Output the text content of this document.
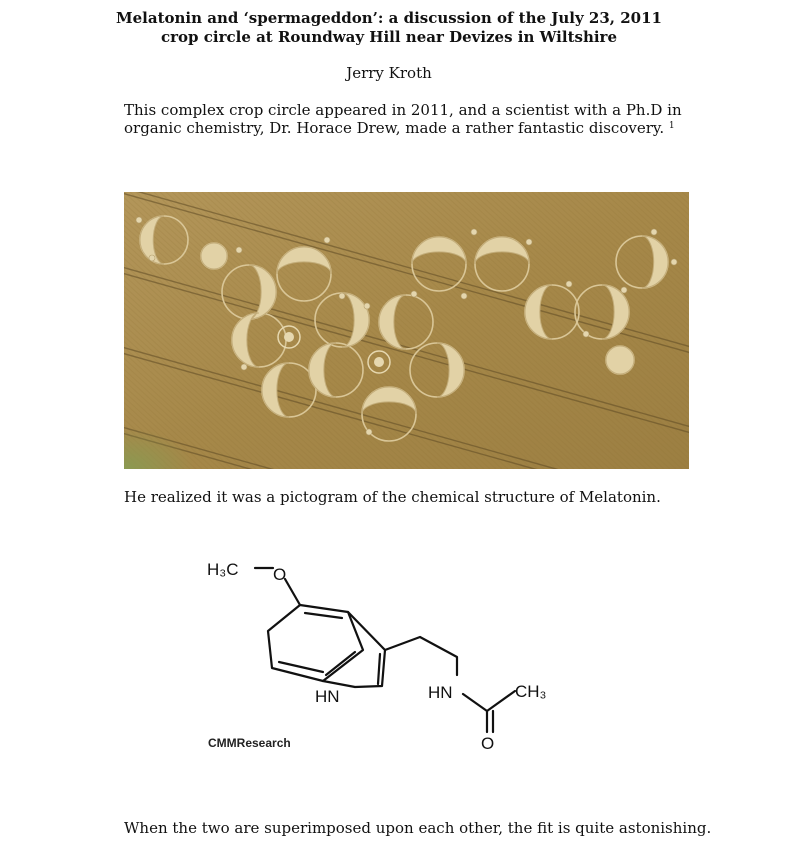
Melatonin and ‘spermageddon’: a discussion of the July 23, 2011 crop circle at Roundway Hill near Devizes in Wiltshire

Jerry Kroth

This complex crop circle appeared in 2011, and a scientist with a Ph.D in organic chemistry, Dr. Horace Drew, made a rather fantastic discovery. $^1$

He realized it was a pictogram of the chemical structure of Melatonin.

H₃C O
HN	HN	CH₃
O
CMMResearch

When the two are superimposed upon each other, the fit is quite astonishing.
